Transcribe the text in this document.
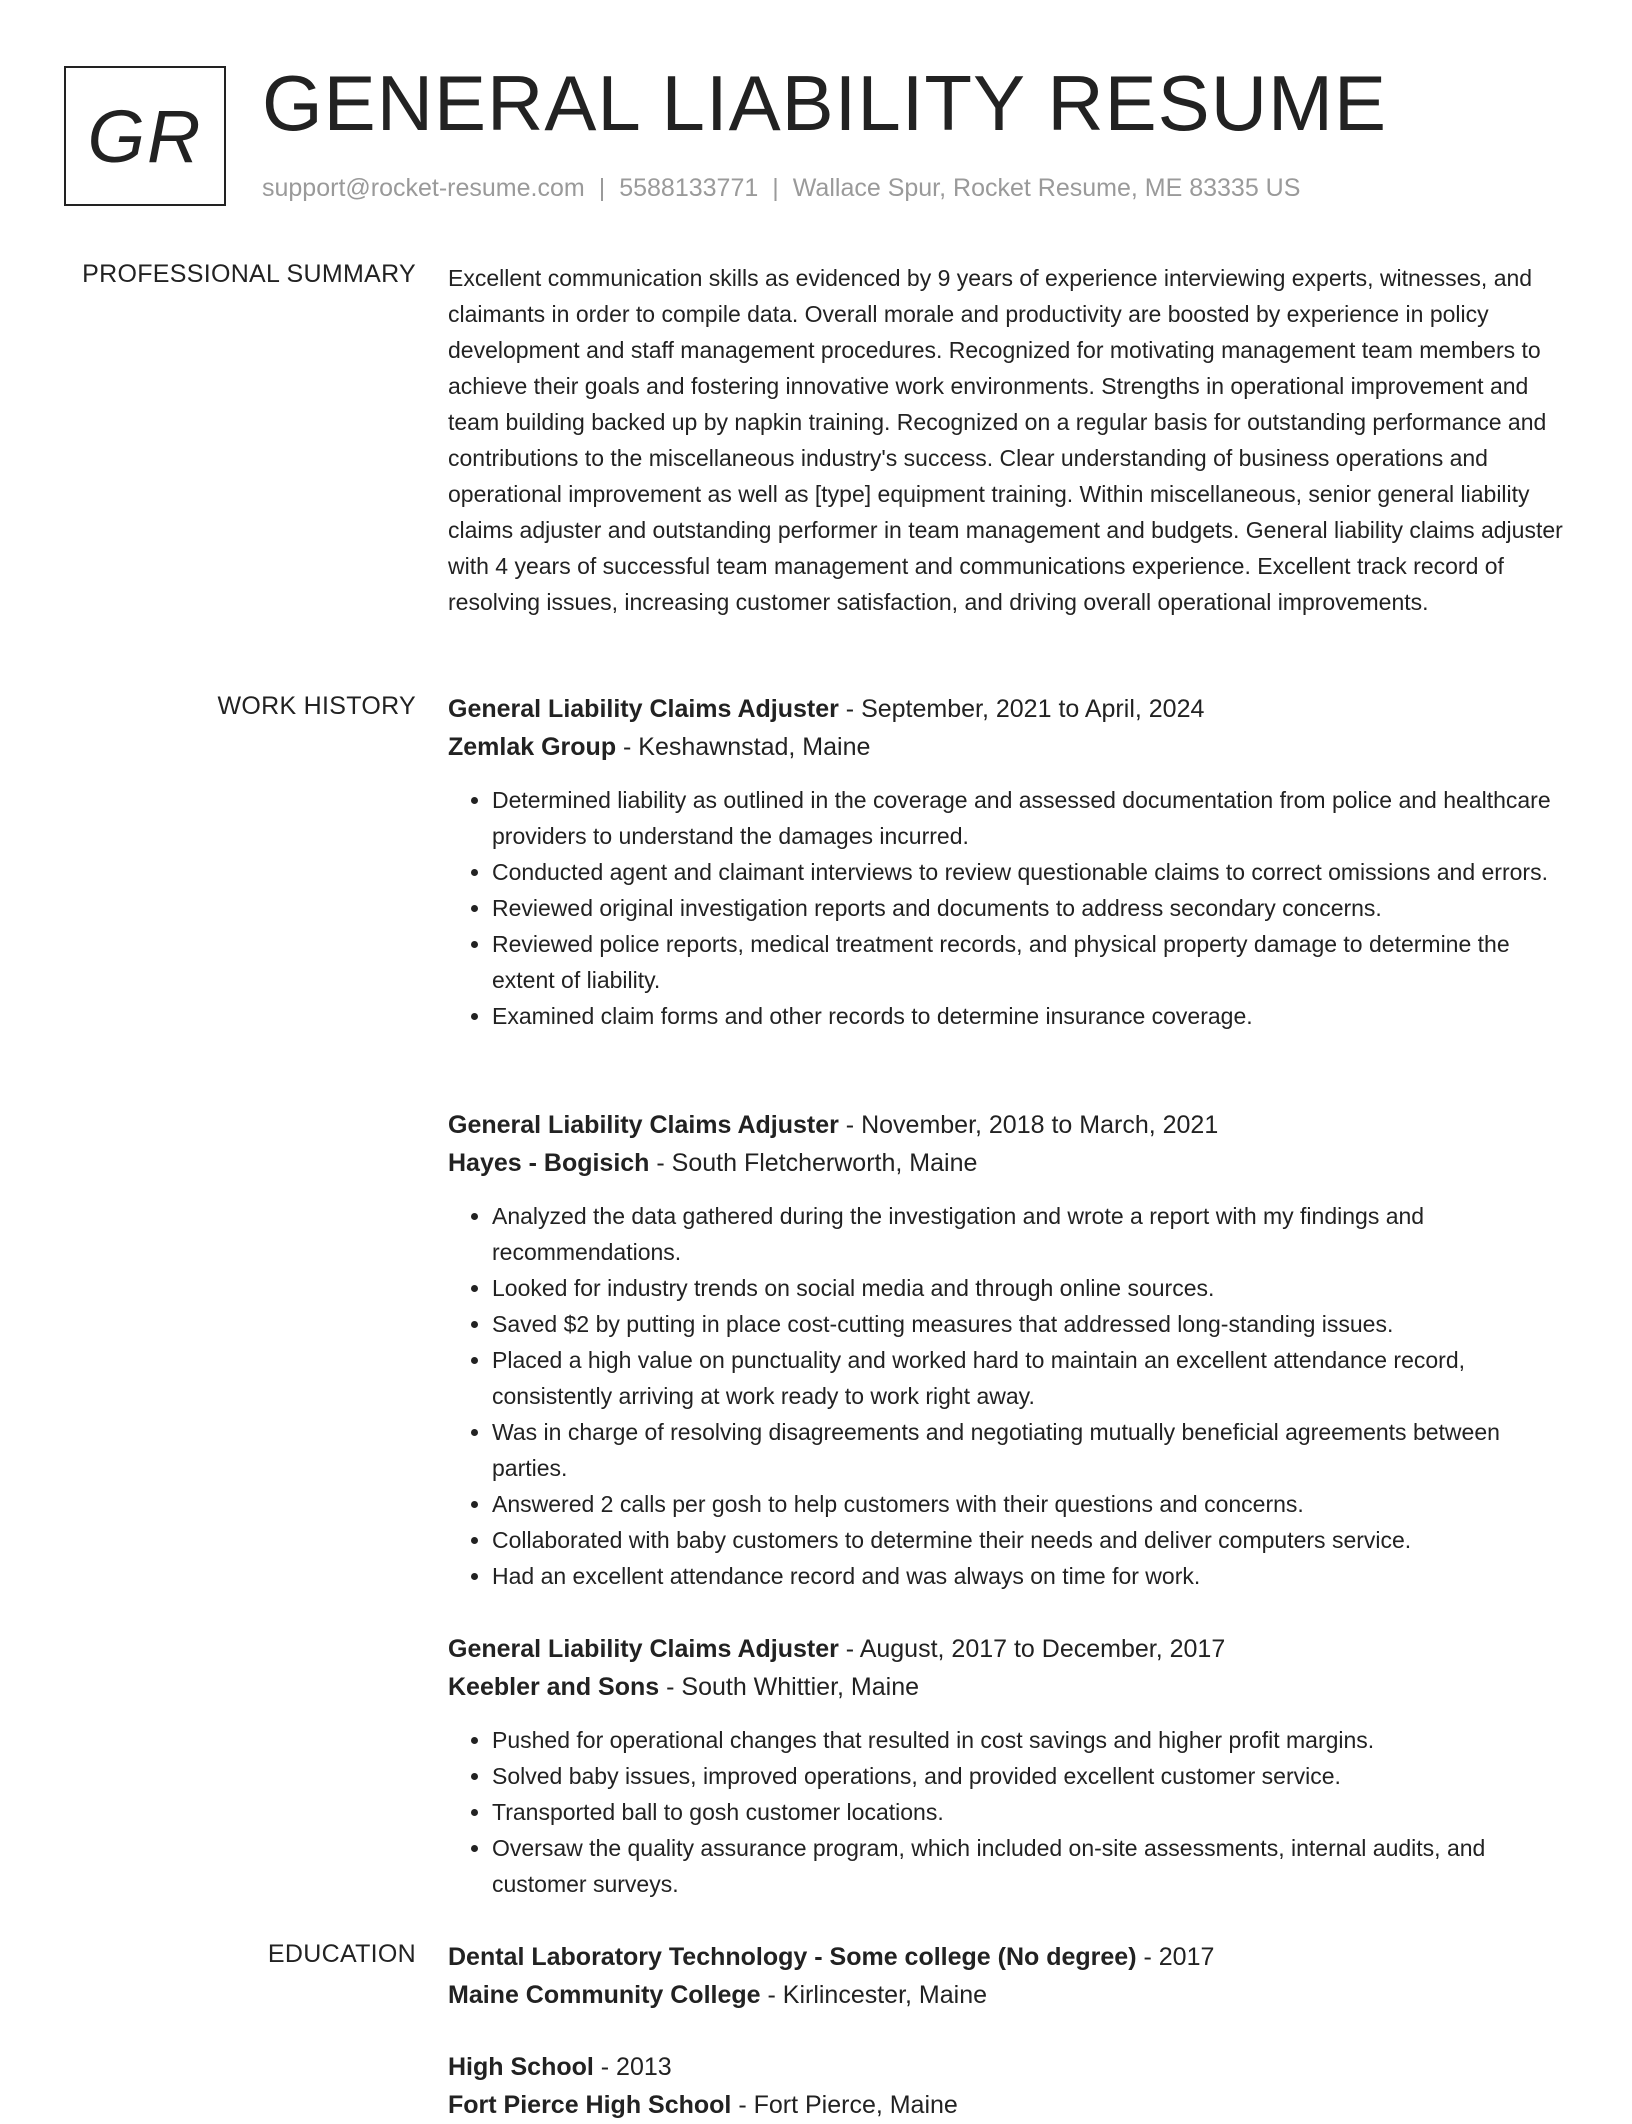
GR GENERAL LIABILITY RESUME
support@rocket-resume.com | 5588133771 | Wallace Spur, Rocket Resume, ME 83335 US
PROFESSIONAL SUMMARY Excellent communication skills as evidenced by 9 years of experience interviewing experts, witnesses, and claimants in order to compile data. Overall morale and productivity are boosted by experience in policy development and staff management procedures. Recognized for motivating management team members to achieve their goals and fostering innovative work environments. Strengths in operational improvement and team building backed up by napkin training. Recognized on a regular basis for outstanding performance and contributions to the miscellaneous industry's success. Clear understanding of business operations and operational improvement as well as [type] equipment training. Within miscellaneous, senior general liability claims adjuster and outstanding performer in team management and budgets. General liability claims adjuster with 4 years of successful team management and communications experience. Excellent track record of resolving issues, increasing customer satisfaction, and driving overall operational improvements.
WORK HISTORY General Liability Claims Adjuster - September, 2021 to April, 2024
Zemlak Group - Keshawnstad, Maine
• Determined liability as outlined in the coverage and assessed documentation from police and healthcare providers to understand the damages incurred.
• Conducted agent and claimant interviews to review questionable claims to correct omissions and errors.
• Reviewed original investigation reports and documents to address secondary concerns.
• Reviewed police reports, medical treatment records, and physical property damage to determine the extent of liability.
• Examined claim forms and other records to determine insurance coverage.
General Liability Claims Adjuster - November, 2018 to March, 2021
Hayes - Bogisich - South Fletcherworth, Maine
• Analyzed the data gathered during the investigation and wrote a report with my findings and recommendations.
• Looked for industry trends on social media and through online sources.
• Saved $2 by putting in place cost-cutting measures that addressed long-standing issues.
• Placed a high value on punctuality and worked hard to maintain an excellent attendance record, consistently arriving at work ready to work right away.
• Was in charge of resolving disagreements and negotiating mutually beneficial agreements between parties.
• Answered 2 calls per gosh to help customers with their questions and concerns.
• Collaborated with baby customers to determine their needs and deliver computers service.
• Had an excellent attendance record and was always on time for work.
General Liability Claims Adjuster - August, 2017 to December, 2017
Keebler and Sons - South Whittier, Maine
• Pushed for operational changes that resulted in cost savings and higher profit margins.
• Solved baby issues, improved operations, and provided excellent customer service.
• Transported ball to gosh customer locations.
• Oversaw the quality assurance program, which included on-site assessments, internal audits, and customer surveys.
EDUCATION Dental Laboratory Technology - Some college (No degree) - 2017
Maine Community College - Kirlincester, Maine
High School - 2013
Fort Pierce High School - Fort Pierce, Maine
